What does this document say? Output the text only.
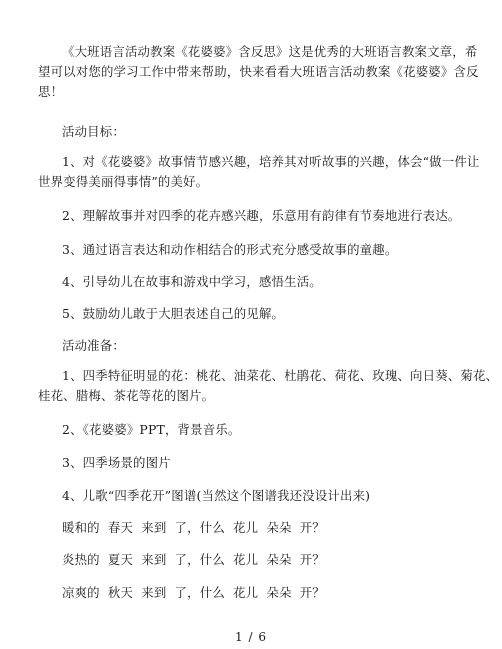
《大班语言活动教案《花婆婆》含反思》这是优秀的大班语言教案文章，希
望可以对您的学习工作中带来帮助，快来看看大班语言活动教案《花婆婆》含反
思！

活动目标：

1、对《花婆婆》故事情节感兴趣，培养其对听故事的兴趣，体会“做一件让
世界变得美丽得事情”的美好。

2、理解故事并对四季的花卉感兴趣，乐意用有韵律有节奏地进行表达。

3、通过语言表达和动作相结合的形式充分感受故事的童趣。

4、引导幼儿在故事和游戏中学习，感悟生活。

5、鼓励幼儿敢于大胆表述自己的见解。

活动准备：

1、四季特征明显的花：桃花、油菜花、杜鹃花、荷花、玫瑰、向日葵、菊花、
桂花、腊梅、茶花等花的图片。

2、《花婆婆》PPT，背景音乐。

3、四季场景的图片

4、儿歌“四季花开”图谱(当然这个图谱我还没设计出来)

暖和的 春天 来到 了，什么 花儿 朵朵 开？

炎热的 夏天 来到 了，什么 花儿 朵朵 开？

凉爽的 秋天 来到 了，什么 花儿 朵朵 开？

1 / 6
